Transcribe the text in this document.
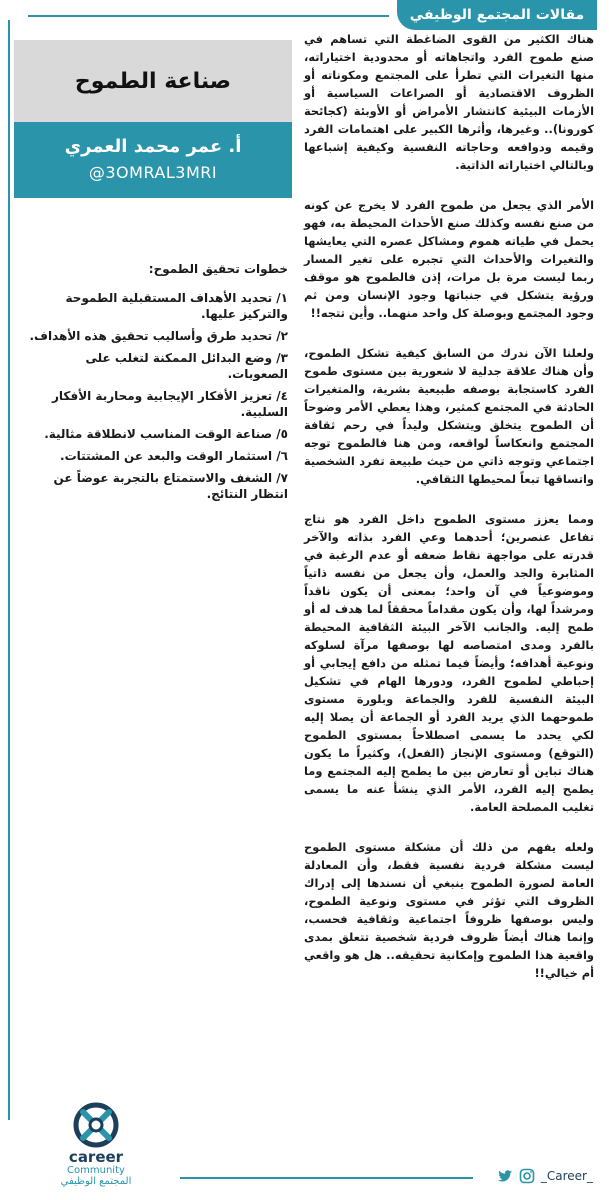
مقالات المجتمع الوظيفي
صناعة الطموح
أ. عمر محمد العمري
@3OMRAL3MRI
خطوات تحقيق الطموح:
١/ تحديد الأهداف المستقبلية الطموحة والتركيز عليها.
٢/ تحديد طرق وأساليب تحقيق هذه الأهداف.
٣/ وضع البدائل الممكنة لتغلب على الصعوبات.
٤/ تعزيز الأفكار الإيجابية ومحاربة الأفكار السلبية.
٥/ صناعة الوقت المناسب لانطلاقة مثالية.
٦/ استثمار الوقت والبعد عن المشتتات.
٧/ الشغف والاستمتاع بالتجربة عوضاً عن انتظار النتائج.

هناك الكثير من القوى الضاغطة التي تساهم في صنع طموح الفرد واتجاهاته أو محدودية اختياراته، منها التغيرات التي تطرأ على المجتمع ومكوناته أو الظروف الاقتصادية أو الصراعات السياسية أو الأزمات البيئية كانتشار الأمراض أو الأوبئة (كجائحة كورونا).. وغيرها، وأثرها الكبير على اهتمامات الفرد وقيمه ودوافعه وحاجاته النفسية وكيفية إشباعها وبالتالي اختياراته الذاتية.

الأمر الذي يجعل من طموح الفرد لا يخرج عن كونه من صنع نفسه وكذلك صنع الأحداث المحيطة به، فهو يحمل في طياته هموم ومشاكل عصره التي يعايشها والتغيرات والأحداث التي تجبره على تغير المسار ربما ليست مرة بل مرات، إذن فالطموح هو موقف ورؤية يتشكل في جنباتها وجود الإنسان ومن ثم وجود المجتمع وبوصلة كل واحد منهما.. وأين تتجه!!

ولعلنا الآن ندرك من السابق كيفية تشكل الطموح، وأن هناك علاقة جدلية لا شعورية بين مستوى طموح الفرد كاستجابة بوصفه طبيعية بشرية، والمتغيرات الحادثة في المجتمع كمثير، وهذا يعطي الأمر وضوحاً أن الطموح يتخلق ويتشكل وليداً في رحم ثقافة المجتمع وانعكاساً لواقعه، ومن هنا فالطموح توجه اجتماعي وتوجه ذاتي من حيث طبيعة تفرد الشخصية واتساقها تبعاً لمحيطها الثقافي.

ومما يعزز مستوى الطموح داخل الفرد هو نتاج تفاعل عنصرين؛ أحدهما وعي الفرد بذاته والآخر قدرته على مواجهة نقاط ضعفه أو عدم الرغبة في المثابرة والجد والعمل، وأن يجعل من نفسه ذاتياً وموضوعياً في آن واحد؛ بمعنى أن يكون ناقداً ومرشداً لها، وأن يكون مقداماً محققاً لما هدف له أو طمح إليه. والجانب الآخر البيئة الثقافية المحيطة بالفرد ومدى امتصاصه لها بوصفها مرآة لسلوكه ونوعية أهدافه؛ وأيضاً فيما تمثله من دافع إيجابي أو إحباطي لطموح الفرد، ودورها الهام في تشكيل البيئة النفسية للفرد والجماعة وبلورة مستوى طموحهما الذي يريد الفرد أو الجماعة أن يصلا إليه لكي يحدد ما يسمى اصطلاحاً بمستوى الطموح (التوقع) ومستوى الإنجاز (الفعل)، وكثيراً ما يكون هناك تباين أو تعارض بين ما يطمح إليه المجتمع وما يطمح إليه الفرد، الأمر الذي ينشأ عنه ما يسمى تغليب المصلحة العامة.

ولعله يفهم من ذلك أن مشكلة مستوى الطموح ليست مشكلة فردية نفسية فقط، وأن المعادلة العامة لصورة الطموح ينبغي أن نسندها إلى إدراك الظروف التي تؤثر في مستوى ونوعية الطموح، وليس بوصفها ظروفاً اجتماعية وثقافية فحسب، وإنما هناك أيضاً ظروف فردية شخصية تتعلق بمدى واقعية هذا الطموح وإمكانية تحقيقه.. هل هو واقعي أم خيالي!!

career
Community
المجتمع الوظيفي	_Career_
